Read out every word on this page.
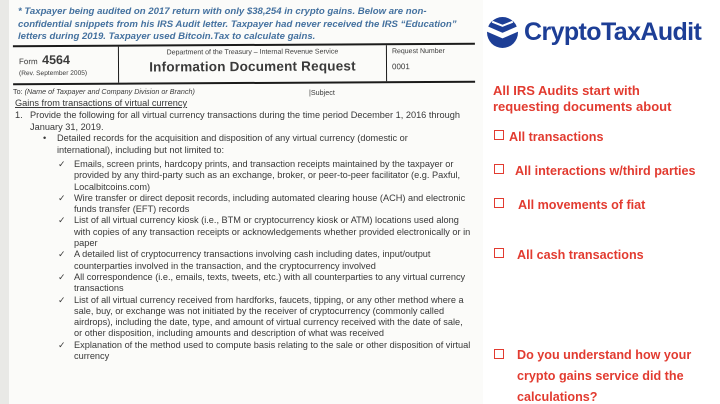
* Taxpayer being audited on 2017 return with only $38,254 in crypto gains. Below are non-confidential snippets from his IRS Audit letter. Taxpayer had never received the IRS “Education” letters during 2019. Taxpayer used Bitcoin.Tax to calculate gains.
Form 4564
(Rev. September 2005)
Department of the Treasury – Internal Revenue Service
Information Document Request
Request Number
0001
To: (Name of Taxpayer and Company Division or Branch)	|Subject
Gains from transactions of virtual currency
1. Provide the following for all virtual currency transactions during the time period December 1, 2016 through January 31, 2019.
•	Detailed records for the acquisition and disposition of any virtual currency (domestic or international), including but not limited to:
✓ Emails, screen prints, hardcopy prints, and transaction receipts maintained by the taxpayer or provided by any third-party such as an exchange, broker, or peer-to-peer facilitator (e.g. Paxful, Localbitcoins.com)
✓ Wire transfer or direct deposit records, including automated clearing house (ACH) and electronic funds transfer (EFT) records
✓ List of all virtual currency kiosk (i.e., BTM or cryptocurrency kiosk or ATM) locations used along with copies of any transaction receipts or acknowledgements whether provided electronically or in paper
✓ A detailed list of cryptocurrency transactions involving cash including dates, input/output counterparties involved in the transaction, and the cryptocurrency involved
✓ All correspondence (i.e., emails, texts, tweets, etc.) with all counterparties to any virtual currency transactions
✓ List of all virtual currency received from hardforks, faucets, tipping, or any other method where a sale, buy, or exchange was not initiated by the receiver of cryptocurrency (commonly called airdrops), including the date, type, and amount of virtual currency received with the date of sale, or other disposition, including amounts and description of what was received
✓ Explanation of the method used to compute basis relating to the sale or other disposition of virtual currency
CryptoTaxAudit
All IRS Audits start with requesting documents about
All transactions
All interactions w/third parties
All movements of fiat
All cash transactions
Do you understand how your crypto gains service did the calculations?
